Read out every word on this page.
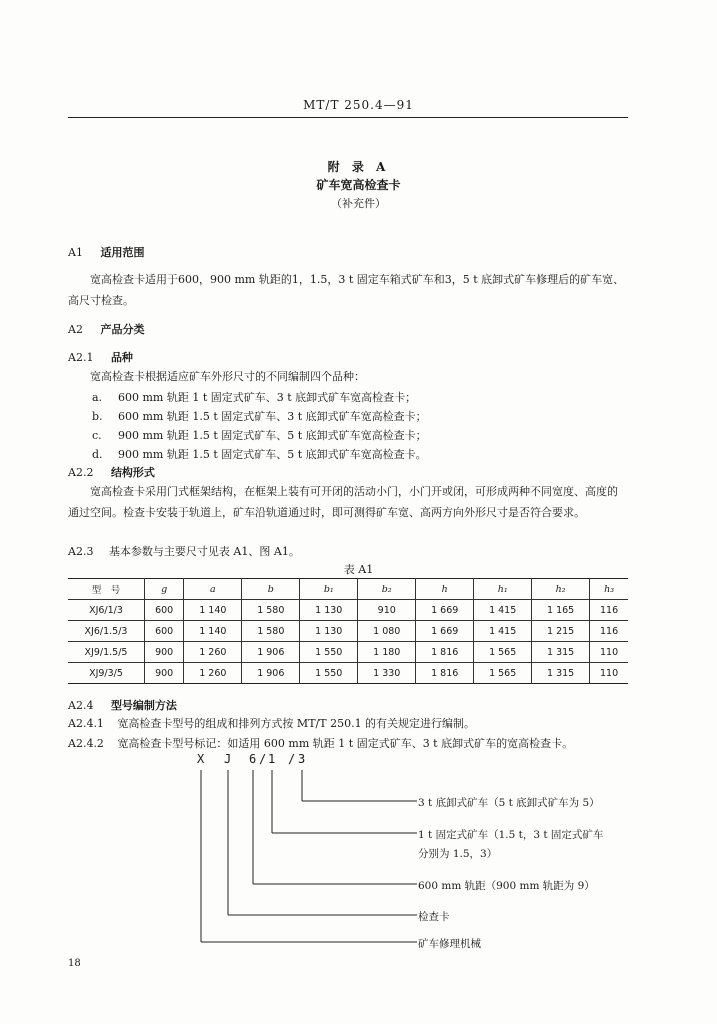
MT/T 250.4—91
附 录 A
矿车宽高检查卡
（补充件）
A1 适用范围
宽高检查卡适用于600，900 mm 轨距的1，1.5，3 t 固定车箱式矿车和3，5 t 底卸式矿车修理后的矿车宽、高尺寸检查。
A2 产品分类
A2.1 品种
宽高检查卡根据适应矿车外形尺寸的不同编制四个品种：
a. 600 mm 轨距 1 t 固定式矿车、3 t 底卸式矿车宽高检查卡；
b. 600 mm 轨距 1.5 t 固定式矿车、3 t 底卸式矿车宽高检查卡；
c. 900 mm 轨距 1.5 t 固定式矿车、5 t 底卸式矿车宽高检查卡；
d. 900 mm 轨距 1.5 t 固定式矿车、5 t 底卸式矿车宽高检查卡。
A2.2 结构形式
宽高检查卡采用门式框架结构，在框架上装有可开闭的活动小门，小门开或闭，可形成两种不同宽度、高度的通过空间。检查卡安装于轨道上，矿车沿轨道通过时，即可测得矿车宽、高两方向外形尺寸是否符合要求。
A2.3 基本参数与主要尺寸见表 A1、图 A1。
表 A1
型　号	g	a	b	b₁	b₂	h	h₁	h₂	h₃
XJ6/1/3	600	1 140	1 580	1 130	910	1 669	1 415	1 165	116
XJ6/1.5/3	600	1 140	1 580	1 130	1 080	1 669	1 415	1 215	116
XJ9/1.5/5	900	1 260	1 906	1 550	1 180	1 816	1 565	1 315	110
XJ9/3/5	900	1 260	1 906	1 550	1 330	1 816	1 565	1 315	110
A2.4 型号编制方法
A2.4.1 宽高检查卡型号的组成和排列方式按 MT/T 250.1 的有关规定进行编制。
A2.4.2 宽高检查卡型号标记：如适用 600 mm 轨距 1 t 固定式矿车、3 t 底卸式矿车的宽高检查卡。
X J 6 / 1 / 3
3 t 底卸式矿车（5 t 底卸式矿车为 5）
1 t 固定式矿车（1.5 t，3 t 固定式矿车
分别为 1.5，3）
600 mm 轨距（900 mm 轨距为 9）
检查卡
矿车修理机械
18
